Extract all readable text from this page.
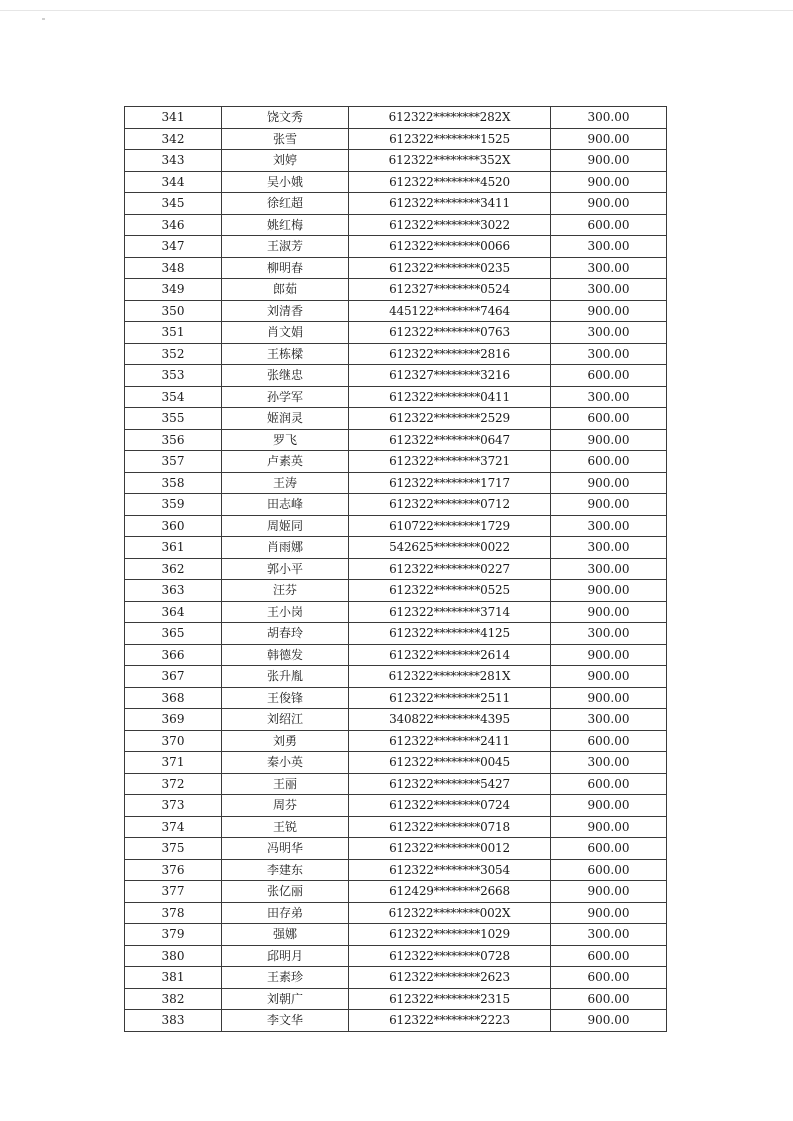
341	饶文秀	612322********282X	300.00
342	张雪	612322********1525	900.00
343	刘婷	612322********352X	900.00
344	吴小娥	612322********4520	900.00
345	徐红超	612322********3411	900.00
346	姚红梅	612322********3022	600.00
347	王淑芳	612322********0066	300.00
348	柳明春	612322********0235	300.00
349	郎茹	612327********0524	300.00
350	刘清香	445122********7464	900.00
351	肖文娟	612322********0763	300.00
352	王栋樑	612322********2816	300.00
353	张继忠	612327********3216	600.00
354	孙学军	612322********0411	300.00
355	姬润灵	612322********2529	600.00
356	罗飞	612322********0647	900.00
357	卢素英	612322********3721	600.00
358	王涛	612322********1717	900.00
359	田志峰	612322********0712	900.00
360	周姬同	610722********1729	300.00
361	肖雨娜	542625********0022	300.00
362	郭小平	612322********0227	300.00
363	汪芬	612322********0525	900.00
364	王小岗	612322********3714	900.00
365	胡春玲	612322********4125	300.00
366	韩德发	612322********2614	900.00
367	张升胤	612322********281X	900.00
368	王俊锋	612322********2511	900.00
369	刘绍江	340822********4395	300.00
370	刘勇	612322********2411	600.00
371	秦小英	612322********0045	300.00
372	王丽	612322********5427	600.00
373	周芬	612322********0724	900.00
374	王锐	612322********0718	900.00
375	冯明华	612322********0012	600.00
376	李建东	612322********3054	600.00
377	张亿丽	612429********2668	900.00
378	田存弟	612322********002X	900.00
379	强娜	612322********1029	300.00
380	邱明月	612322********0728	600.00
381	王素珍	612322********2623	600.00
382	刘朝广	612322********2315	600.00
383	李文华	612322********2223	900.00
